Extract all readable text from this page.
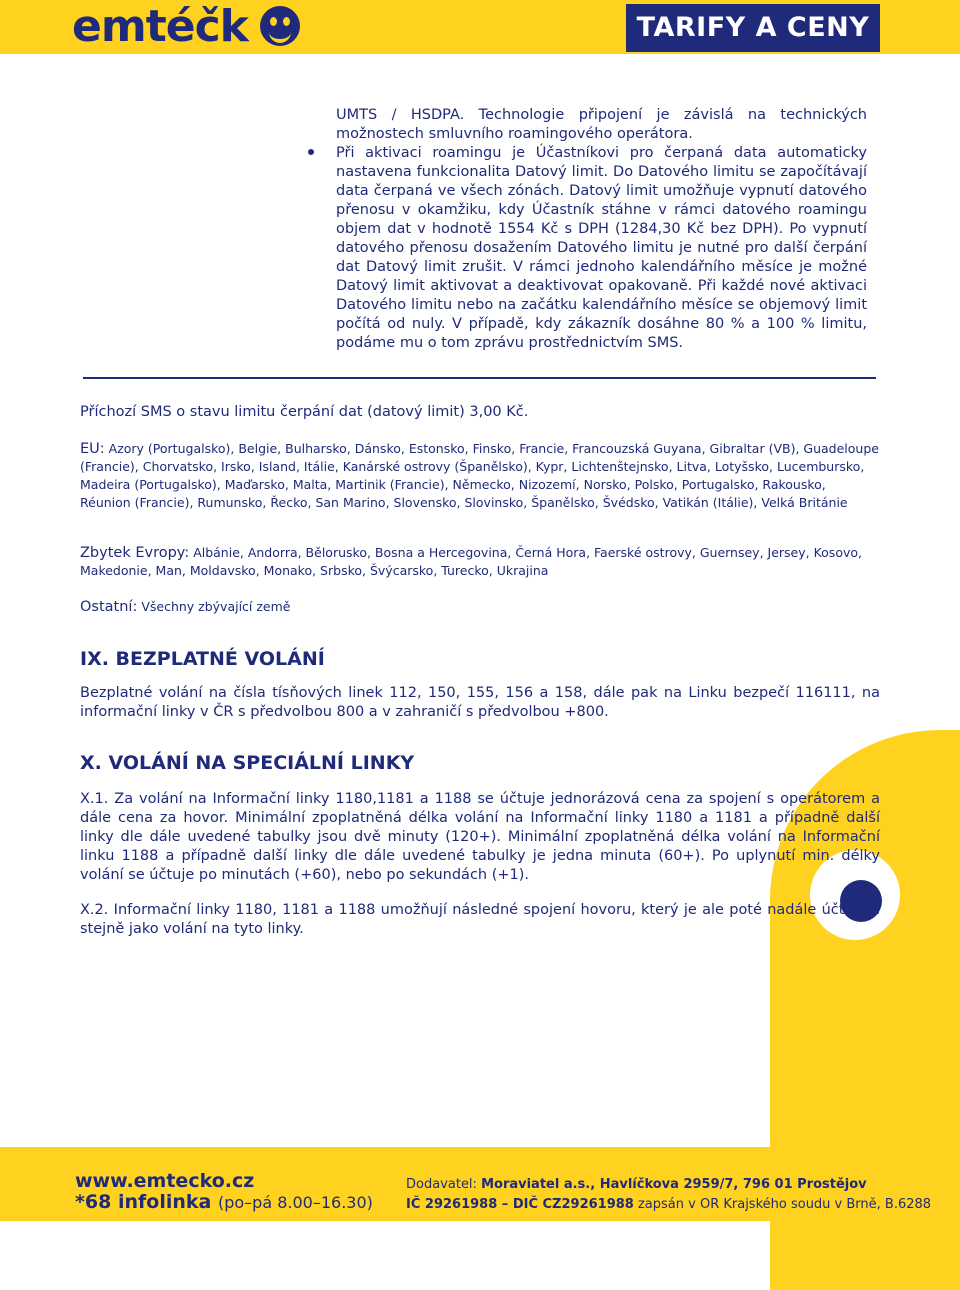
emtéčk	TARIFY A CENY
UMTS / HSDPA. Technologie připojení je závislá na technických možnostech smluvního roamingového operátora.
Při aktivaci roamingu je Účastníkovi pro čerpaná data automaticky nastavena funkcionalita Datový limit. Do Datového limitu se započítávají data čerpaná ve všech zónách. Datový limit umožňuje vypnutí datového přenosu v okamžiku, kdy Účastník stáhne v rámci datového roamingu objem dat v hodnotě 1554 Kč s DPH (1284,30 Kč bez DPH). Po vypnutí datového přenosu dosažením Datového limitu je nutné pro další čerpání dat Datový limit zrušit. V rámci jednoho kalendářního měsíce je možné Datový limit aktivovat a deaktivovat opakovaně. Při každé nové aktivaci Datového limitu nebo na začátku kalendářního měsíce se objemový limit počítá od nuly. V případě, kdy zákazník dosáhne 80 % a 100 % limitu, podáme mu o tom zprávu prostřednictvím SMS.
Příchozí SMS o stavu limitu čerpání dat (datový limit) 3,00 Kč.
EU: Azory (Portugalsko), Belgie, Bulharsko, Dánsko, Estonsko, Finsko, Francie, Francouzská Guyana, Gibraltar (VB), Guadeloupe (Francie), Chorvatsko, Irsko, Island, Itálie, Kanárské ostrovy (Španělsko), Kypr, Lichtenštejnsko, Litva, Lotyšsko, Lucembursko, Madeira (Portugalsko), Maďarsko, Malta, Martinik (Francie), Německo, Nizozemí, Norsko, Polsko, Portugalsko, Rakousko, Réunion (Francie), Rumunsko, Řecko, San Marino, Slovensko, Slovinsko, Španělsko, Švédsko, Vatikán (Itálie), Velká Británie
Zbytek Evropy: Albánie, Andorra, Bělorusko, Bosna a Hercegovina, Černá Hora, Faerské ostrovy, Guernsey, Jersey, Kosovo, Makedonie, Man, Moldavsko, Monako, Srbsko, Švýcarsko, Turecko, Ukrajina
Ostatní: Všechny zbývající země
IX. BEZPLATNÉ VOLÁNÍ
Bezplatné volání na čísla tísňových linek 112, 150, 155, 156 a 158, dále pak na Linku bezpečí 116111, na informační linky v ČR s předvolbou 800 a v zahraničí s předvolbou +800.
X. VOLÁNÍ NA SPECIÁLNÍ LINKY
X.1. Za volání na Informační linky 1180,1181 a 1188 se účtuje jednorázová cena za spojení s operátorem a dále cena za hovor. Minimální zpoplatněná délka volání na Informační linky 1180 a 1181 a případně další linky dle dále uvedené tabulky jsou dvě minuty (120+). Minimální zpoplatněná délka volání na Informační linku 1188 a případně další linky dle dále uvedené tabulky je jedna minuta (60+). Po uplynutí min. délky volání se účtuje po minutách (+60), nebo po sekundách (+1).
X.2. Informační linky 1180, 1181 a 1188 umožňují následné spojení hovoru, který je ale poté nadále účtován stejně jako volání na tyto linky.
www.emtecko.cz
*68 infolinka (po–pá 8.00–16.30)
Dodavatel: Moraviatel a.s., Havlíčkova 2959/7, 796 01 Prostějov
IČ 29261988 – DIČ CZ29261988 zapsán v OR Krajského soudu v Brně, B.6288
